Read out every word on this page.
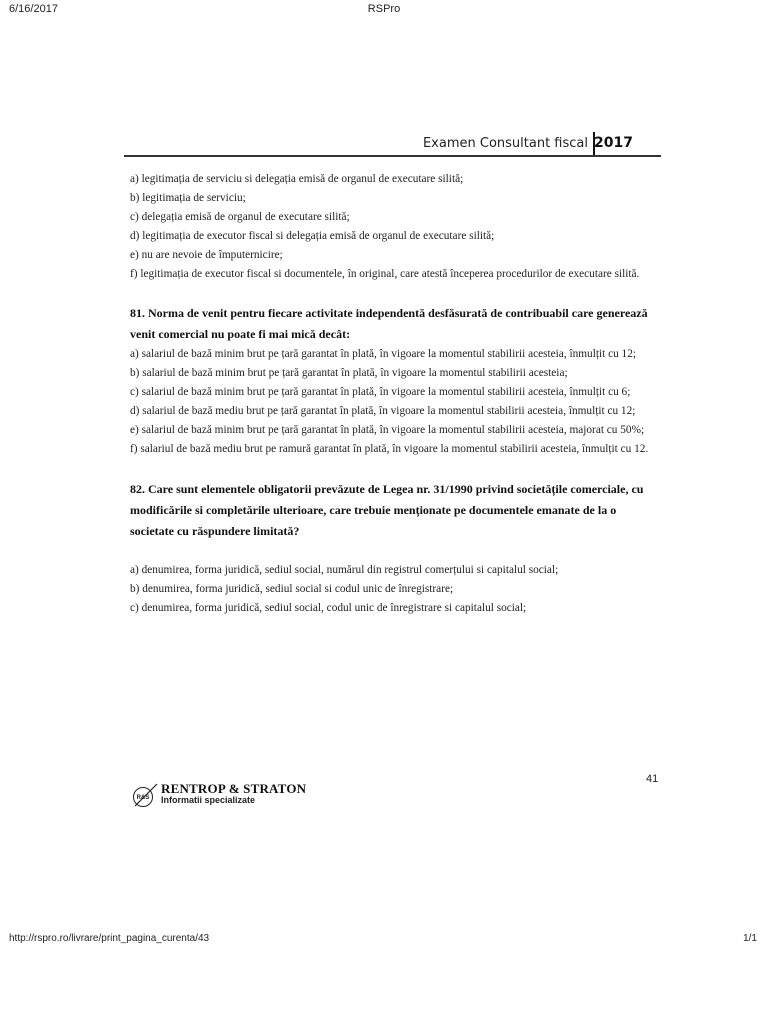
6/16/2017	RSPro
Examen Consultant fiscal 2017

a) legitimația de serviciu si delegația emisă de organul de executare silită;

b) legitimația de serviciu;

c) delegația emisă de organul de executare silită;

d) legitimația de executor fiscal si delegația emisă de organul de executare silită;

e) nu are nevoie de împuternicire;

f) legitimația de executor fiscal si documentele, în original, care atestă începerea procedurilor de executare silită.

81. Norma de venit pentru fiecare activitate independentă desfăsurată de contribuabil care generează venit comercial nu poate fi mai mică decât:

a) salariul de bază minim brut pe țară garantat în plată, în vigoare la momentul stabilirii acesteia, înmulțit cu 12;

b) salariul de bază minim brut pe țară garantat în plată, în vigoare la momentul stabilirii acesteia;

c) salariul de bază minim brut pe țară garantat în plată, în vigoare la momentul stabilirii acesteia, înmulțit cu 6;

d) salariul de bază mediu brut pe țară garantat în plată, în vigoare la momentul stabilirii acesteia, înmulțit cu 12;

e) salariul de bază minim brut pe țară garantat în plată, în vigoare la momentul stabilirii acesteia, majorat cu 50%;

f) salariul de bază mediu brut pe ramură garantat în plată, în vigoare la momentul stabilirii acesteia, înmulțit cu 12.

82. Care sunt elementele obligatorii prevăzute de Legea nr. 31/1990 privind societățile comerciale, cu modificările si completările ulterioare, care trebuie menționate pe documentele emanate de la o societate cu răspundere limitată?

a) denumirea, forma juridică, sediul social, numărul din registrul comerțului si capitalul social;

b) denumirea, forma juridică, sediul social si codul unic de înregistrare;

c) denumirea, forma juridică, sediul social, codul unic de înregistrare si capitalul social;

R&S
RENTROP & STRATON
Informatii specializate
41
http://rspro.ro/livrare/print_pagina_curenta/43	1/1
